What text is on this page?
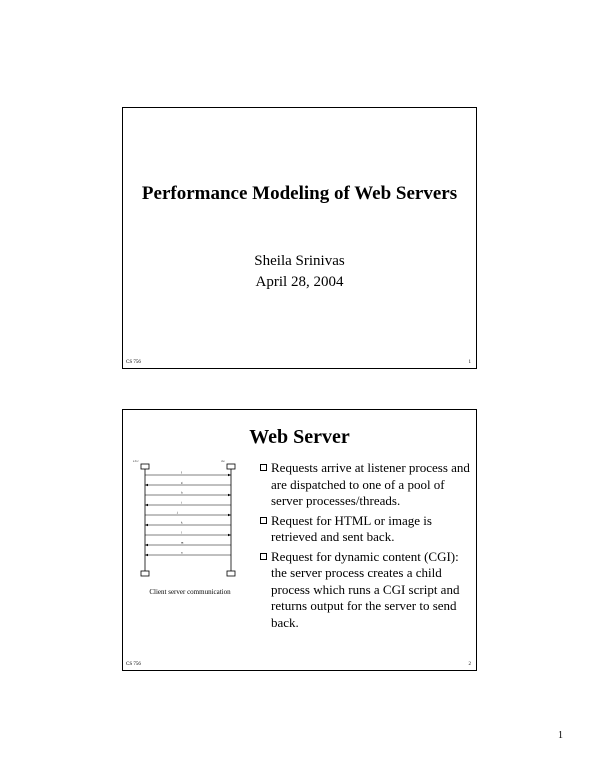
Performance Modeling of Web Servers
Sheila Srinivas
April 28, 2004
CS 756	1
Web Server
a b c	d e
f
g
h
i
j
k
l
m
n
Client server communication
Requests arrive at listener process and are dispatched to one of a pool of server processes/threads.
Request for HTML or image is retrieved and sent back.
Request for dynamic content (CGI): the server process creates a child process which runs a CGI script and returns output for the server to send back.
CS 756	2
1
